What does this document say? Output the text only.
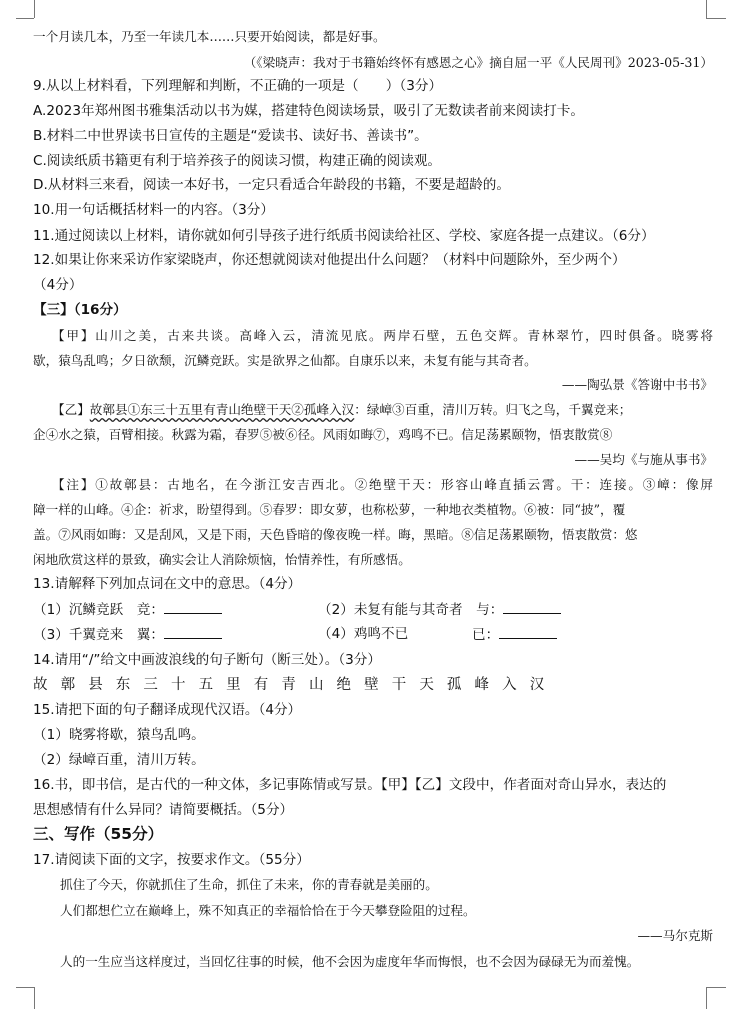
一个月读几本，乃至一年读几本……只要开始阅读，都是好事。
（《梁晓声：我对于书籍始终怀有感恩之心》摘自屈一平《人民周刊》2023-05-31）
9.从以上材料看，下列理解和判断，不正确的一项是（　　）（3分）
A.2023年郑州图书雅集活动以书为媒，搭建特色阅读场景，吸引了无数读者前来阅读打卡。
B.材料二中世界读书日宣传的主题是“爱读书、读好书、善读书”。
C.阅读纸质书籍更有利于培养孩子的阅读习惯，构建正确的阅读观。
D.从材料三来看，阅读一本好书，一定只看适合年龄段的书籍，不要是超龄的。
10.用一句话概括材料一的内容。（3分）
11.通过阅读以上材料，请你就如何引导孩子进行纸质书阅读给社区、学校、家庭各提一点建议。（6分）
12.如果让你来采访作家梁晓声，你还想就阅读对他提出什么问题？（材料中问题除外，至少两个）
（4分）
【三】（16分）
【甲】山川之美，古来共谈。高峰入云，清流见底。两岸石壁，五色交辉。青林翠竹，四时俱备。晓雾将
歇，猿鸟乱鸣；夕日欲颓，沉鳞竞跃。实是欲界之仙都。自康乐以来，未复有能与其奇者。
——陶弘景《答谢中书书》
【乙】故鄣县①东三十五里有青山绝壁干天②孤峰入汉：绿嶂③百重，清川万转。归飞之鸟，千翼竞来；
企④水之猿，百臂相接。秋露为霜，春罗⑤被⑥径。风雨如晦⑦，鸡鸣不已。信足荡累颐物，悟衷散赏⑧
——吴均《与施从事书》
【注】①故鄣县：古地名，在今浙江安吉西北。②绝壁干天：形容山峰直插云霄。干：连接。③嶂：像屏
障一样的山峰。④企：祈求，盼望得到。⑤春罗：即女萝，也称松萝，一种地衣类植物。⑥被：同“披”，覆
盖。⑦风雨如晦：又是刮风，又是下雨，天色昏暗的像夜晚一样。晦，黑暗。⑧信足荡累颐物，悟衷散赏：悠
闲地欣赏这样的景致，确实会让人消除烦恼，怡情养性，有所感悟。
13.请解释下列加点词在文中的意思。（4分）
（1）沉鳞竞跃　竞：	（2）未复有能与其奇者　与：
（3）千翼竞来　翼：	（4）鸡鸣不已	已：
14.请用“/”给文中画波浪线的句子断句（断三处）。（3分）
故 鄣 县 东 三 十 五 里 有 青 山 绝 壁 干 天 孤 峰 入 汉
15.请把下面的句子翻译成现代汉语。（4分）
（1）晓雾将歇，猿鸟乱鸣。
（2）绿嶂百重，清川万转。
16.书，即书信，是古代的一种文体，多记事陈情或写景。【甲】【乙】文段中，作者面对奇山异水，表达的
思想感情有什么异同？请简要概括。（5分）
三、写作（55分）
17.请阅读下面的文字，按要求作文。（55分）
抓住了今天，你就抓住了生命，抓住了未来，你的青春就是美丽的。
人们都想伫立在巅峰上，殊不知真正的幸福恰恰在于今天攀登险阻的过程。
——马尔克斯
人的一生应当这样度过，当回忆往事的时候，他不会因为虚度年华而悔恨，也不会因为碌碌无为而羞愧。
